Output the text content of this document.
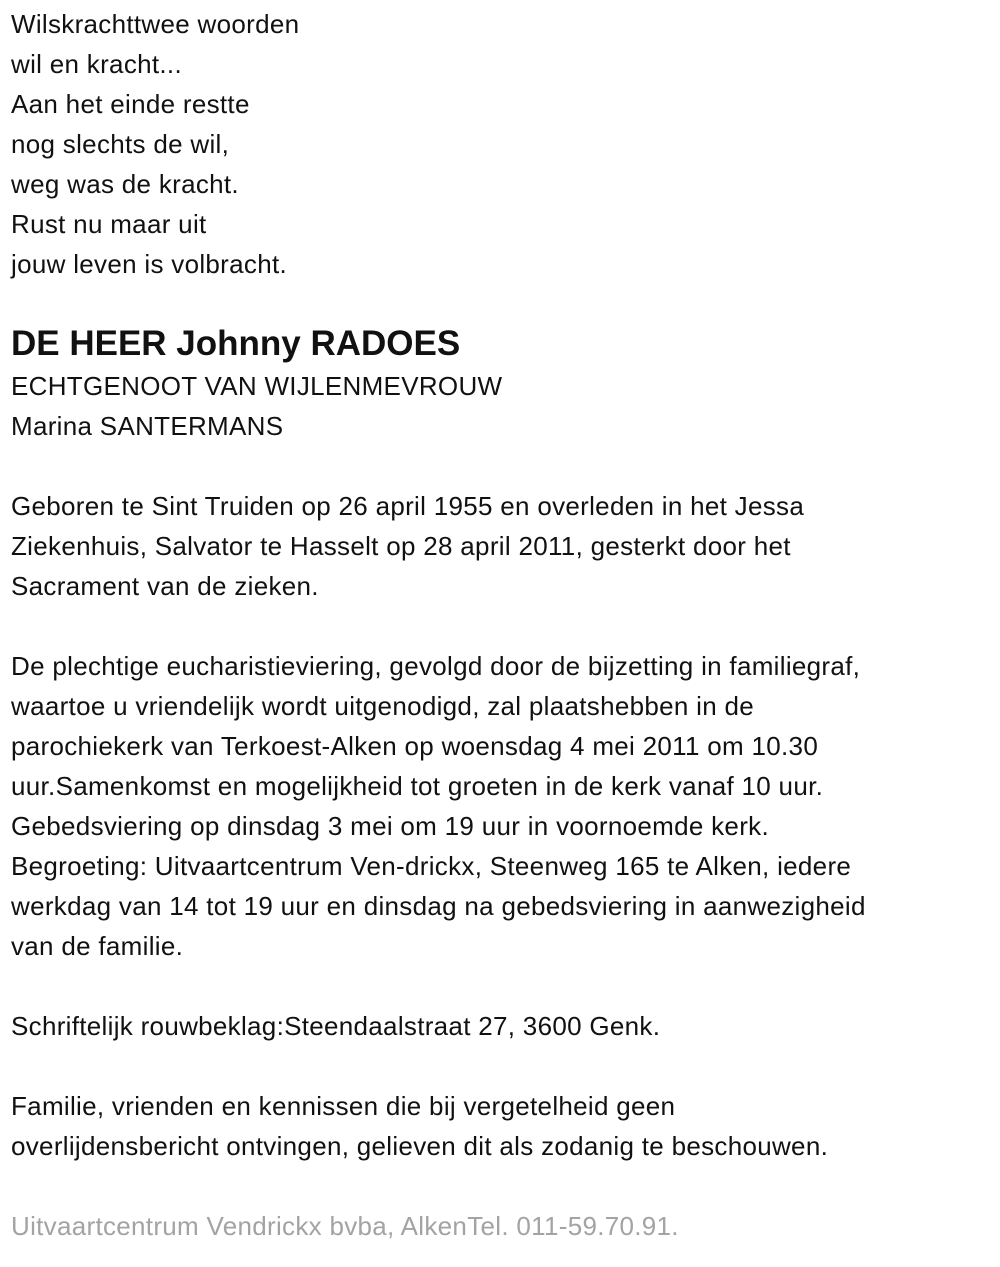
Wilskrachttwee woorden
wil en kracht...
Aan het einde restte
nog slechts de wil,
weg was de kracht.
Rust nu maar uit
jouw leven is volbracht.
DE HEER Johnny RADOES
ECHTGENOOT VAN WIJLENMEVROUW
Marina SANTERMANS
Geboren te Sint Truiden op 26 april 1955 en overleden in het Jessa
Ziekenhuis, Salvator te Hasselt op 28 april 2011, gesterkt door het
Sacrament van de zieken.
De plechtige eucharistieviering, gevolgd door de bijzetting in familiegraf,
waartoe u vriendelijk wordt uitgenodigd, zal plaatshebben in de
parochiekerk van Terkoest-Alken op woensdag 4 mei 2011 om 10.30
uur.Samenkomst en mogelijkheid tot groeten in de kerk vanaf 10 uur.
Gebedsviering op dinsdag 3 mei om 19 uur in voornoemde kerk.
Begroeting: Uitvaartcentrum Ven-drickx, Steenweg 165 te Alken, iedere
werkdag van 14 tot 19 uur en dinsdag na gebedsviering in aanwezigheid
van de familie.
Schriftelijk rouwbeklag:Steendaalstraat 27, 3600 Genk.
Familie, vrienden en kennissen die bij vergetelheid geen
overlijdensbericht ontvingen, gelieven dit als zodanig te beschouwen.
Uitvaartcentrum Vendrickx bvba, AlkenTel. 011-59.70.91.
